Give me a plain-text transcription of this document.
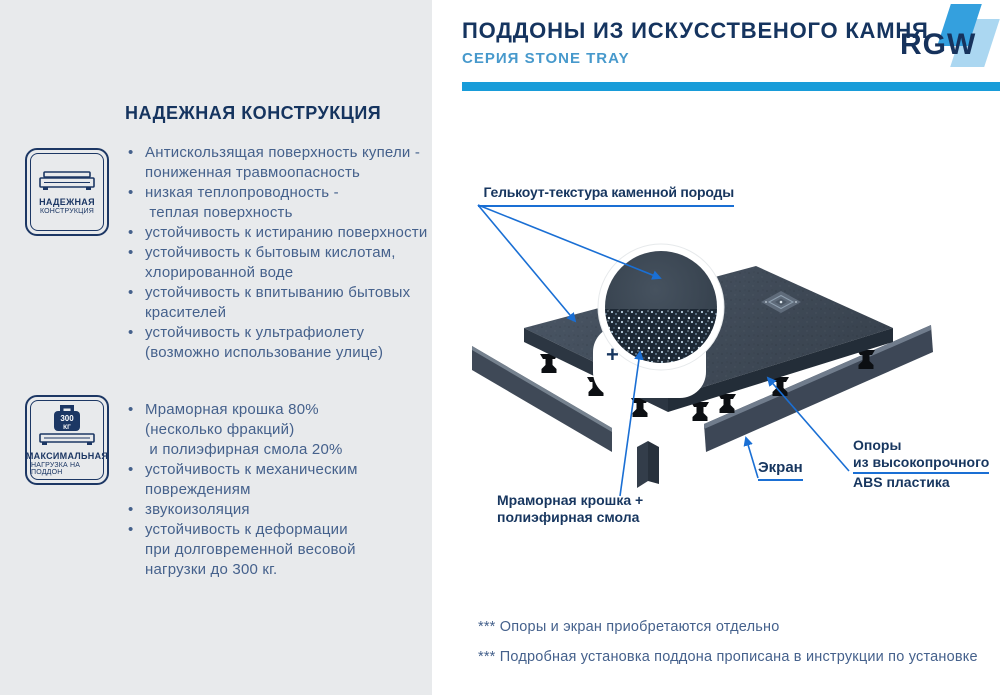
ПОДДОНЫ ИЗ ИСКУССТВЕНОГО КАМНЯ
СЕРИЯ STONE TRAY	RGW
НАДЕЖНАЯ
КОНСТРУКЦИЯ
300
КГ
МАКСИМАЛЬНАЯ
НАГРУЗКА НА ПОДДОН
НАДЕЖНАЯ КОНСТРУКЦИЯ
• Антискользящая поверхность купели -
пониженная травмоопасность
• низкая теплопроводность -
теплая поверхность
• устойчивость к истиранию поверхности
• устойчивость к бытовым кислотам,
хлорированной воде
• устойчивость к впитыванию бытовых
красителей
• устойчивость к ультрафиолету
(возможно использование улице)
• Мраморная крошка 80%
(несколько фракций)
и полиэфирная смола 20%
• устойчивость к механическим
повреждениям
• звукоизоляция
• устойчивость к деформации
при долговременной весовой
нагрузки до 300 кг.
Гелькоут-текстура каменной породы
Мраморная крошка +
полиэфирная смола
Экран
Опоры
из высокопрочного
ABS пластика
+
*** Опоры и экран приобретаются отдельно
*** Подробная установка поддона прописана в инструкции по установке
